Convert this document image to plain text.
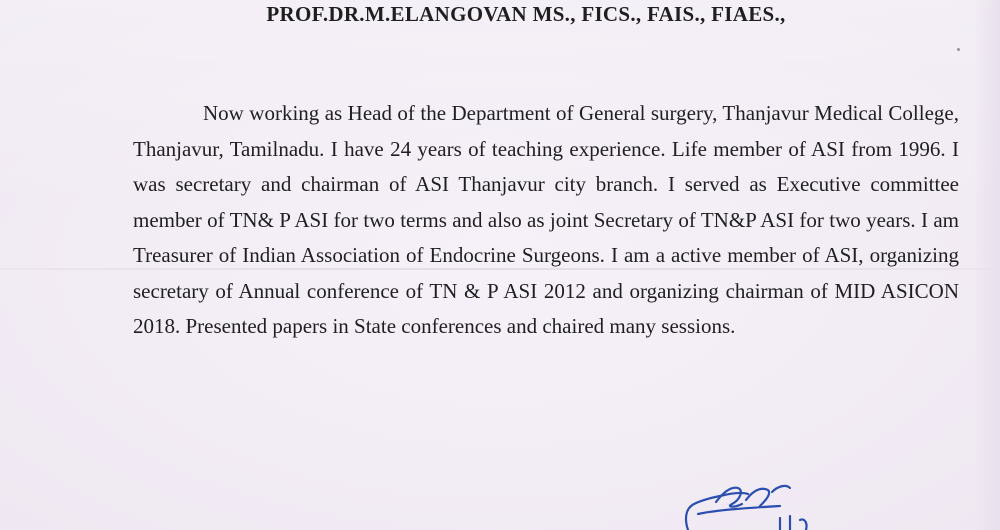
PROF.DR.M.ELANGOVAN MS., FICS., FAIS., FIAES.,

Now working as Head of the Department of General surgery, Thanjavur Medical College, Thanjavur, Tamilnadu. I have 24 years of teaching experience. Life member of ASI from 1996. I was secretary and chairman of ASI Thanjavur city branch. I served as Executive committee member of TN& P ASI for two terms and also as joint Secretary of TN&P ASI for two years. I am Treasurer of Indian Association of Endocrine Surgeons. I am a active member of ASI, organizing secretary of Annual conference of TN & P ASI 2012 and organizing chairman of MID ASICON 2018. Presented papers in State conferences and chaired many sessions.
